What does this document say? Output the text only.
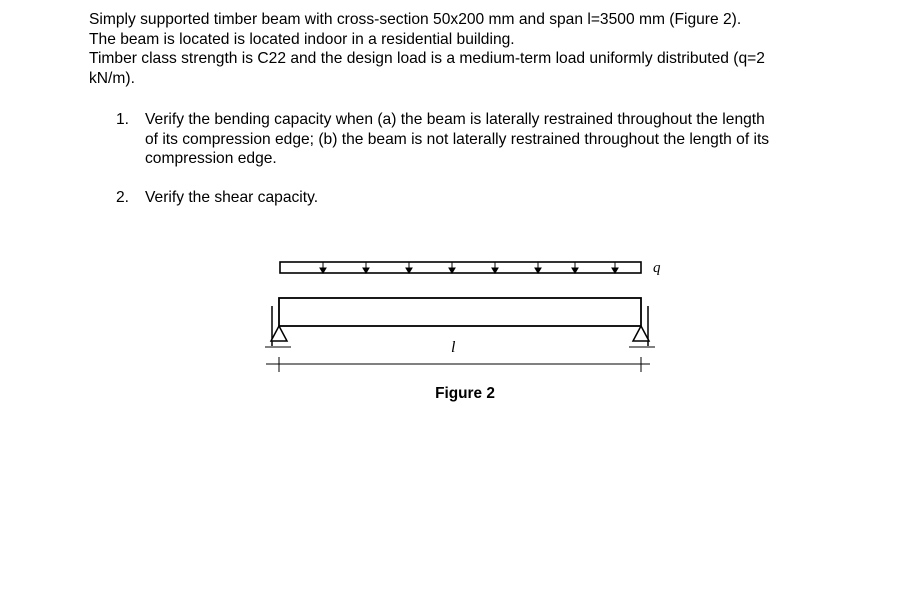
Simply supported timber beam with cross-section 50x200 mm and span l=3500 mm (Figure 2).

The beam is located is located indoor in a residential building.

Timber class strength is C22 and the design load is a medium-term load uniformly distributed (q=2

kN/m).

1.	Verify the bending capacity when (a) the beam is laterally restrained throughout the length
of its compression edge; (b) the beam is not laterally restrained throughout the length of its
compression edge.
2.	Verify the shear capacity.
q
l
Figure 2
